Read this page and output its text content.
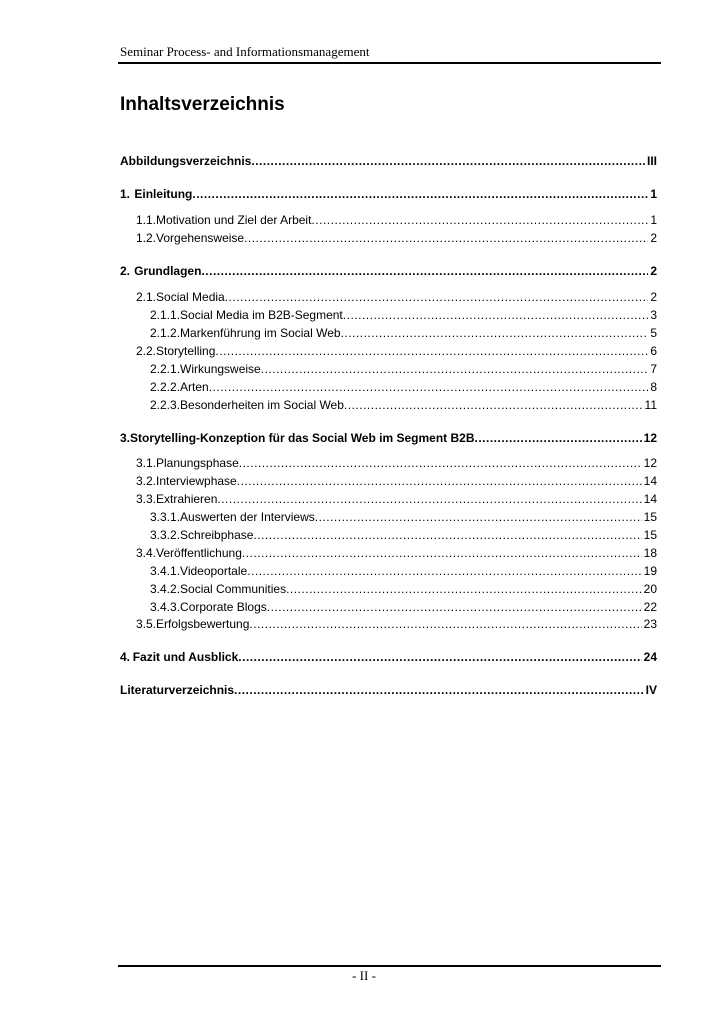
Seminar Process- and Informationsmanagement
Inhaltsverzeichnis
Abbildungsverzeichnis .....	III
1. Einleitung .....	1
1.1. Motivation und Ziel der Arbeit .....	1
1.2. Vorgehensweise .....	2
2. Grundlagen .....	2
2.1. Social Media .....	2
2.1.1. Social Media im B2B-Segment .....	3
2.1.2. Markenführung im Social Web .....	5
2.2. Storytelling .....	6
2.2.1. Wirkungsweise .....	7
2.2.2. Arten .....	8
2.2.3. Besonderheiten im Social Web .....	11
3. Storytelling-Konzeption für das Social Web im Segment B2B .....	12
3.1. Planungsphase .....	12
3.2. Interviewphase .....	14
3.3. Extrahieren .....	14
3.3.1. Auswerten der Interviews .....	15
3.3.2. Schreibphase .....	15
3.4. Veröffentlichung .....	18
3.4.1. Videoportale .....	19
3.4.2. Social Communities .....	20
3.4.3. Corporate Blogs .....	22
3.5. Erfolgsbewertung .....	23
4. Fazit und Ausblick .....	24
Literaturverzeichnis .....	IV
- II -
